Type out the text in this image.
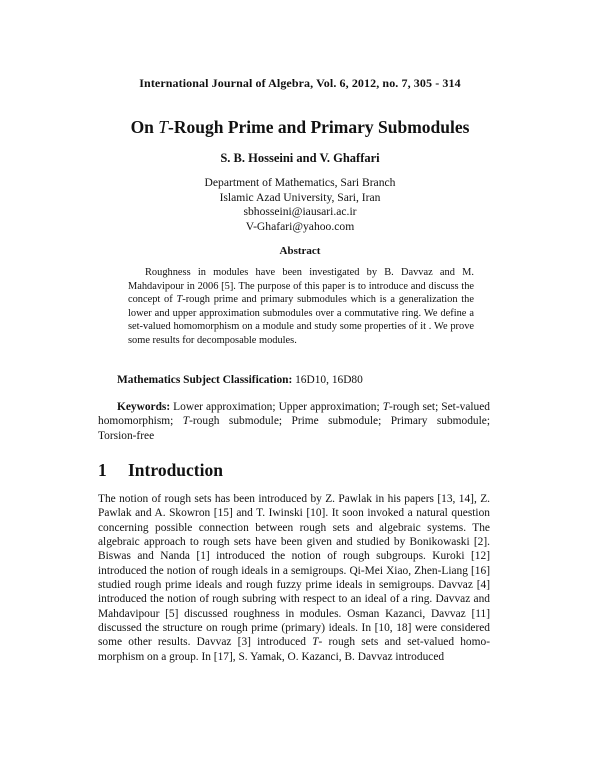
International Journal of Algebra, Vol. 6, 2012, no. 7, 305 - 314
On T-Rough Prime and Primary Submodules
S. B. Hosseini and V. Ghaffari
Department of Mathematics, Sari Branch
Islamic Azad University, Sari, Iran
sbhosseini@iausari.ac.ir
V-Ghafari@yahoo.com
Abstract
Roughness in modules have been investigated by B. Davvaz and M. Mahdavipour in 2006 [5]. The purpose of this paper is to introduce and discuss the concept of T-rough prime and primary submodules which is a generalization the lower and upper approximation submodules over a commutative ring. We define a set-valued homomorphism on a module and study some properties of it . We prove some results for decomposable modules.
Mathematics Subject Classification: 16D10, 16D80
Keywords: Lower approximation; Upper approximation; T-rough set; Set-valued homomorphism; T-rough submodule; Prime submodule; Primary submodule; Torsion-free
1 Introduction
The notion of rough sets has been introduced by Z. Pawlak in his papers [13, 14], Z. Pawlak and A. Skowron [15] and T. Iwinski [10]. It soon invoked a natural question concerning possible connection between rough sets and algebraic systems. The algebraic approach to rough sets have been given and studied by Bonikowaski [2]. Biswas and Nanda [1] introduced the notion of rough subgroups. Kuroki [12] introduced the notion of rough ideals in a semigroups. Qi-Mei Xiao, Zhen-Liang [16] studied rough prime ideals and rough fuzzy prime ideals in semigroups. Davvaz [4] introduced the notion of rough subring with respect to an ideal of a ring. Davvaz and Mahdavipour [5] discussed roughness in modules. Osman Kazanci, Davvaz [11] discussed the structure on rough prime (primary) ideals. In [10, 18] were considered some other results. Davvaz [3] introduced T- rough sets and set-valued homomorphism on a group. In [17], S. Yamak, O. Kazanci, B. Davvaz introduced
